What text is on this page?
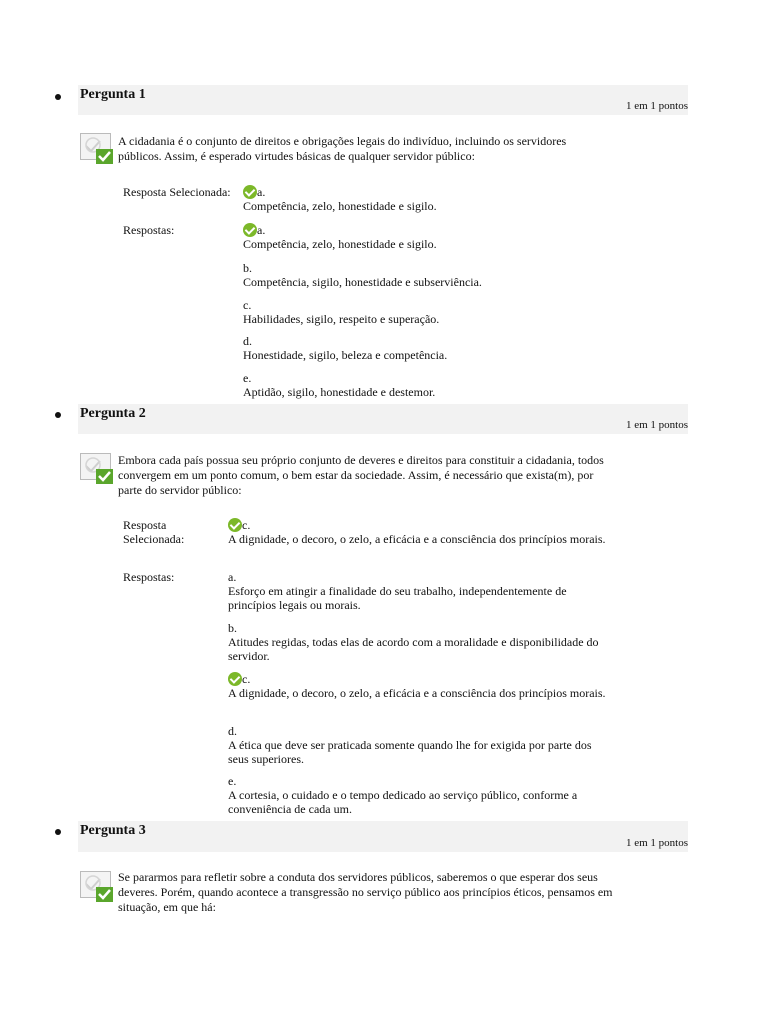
Pergunta 1
1 em 1 pontos
A cidadania é o conjunto de direitos e obrigações legais do indivíduo, incluindo os servidores públicos. Assim, é esperado virtudes básicas de qualquer servidor público:
Resposta Selecionada: a.
Competência, zelo, honestidade e sigilo.
Respostas:	a.
Competência, zelo, honestidade e sigilo.
b.
Competência, sigilo, honestidade e subserviência.
c.
Habilidades, sigilo, respeito e superação.
d.
Honestidade, sigilo, beleza e competência.
e.
Aptidão, sigilo, honestidade e destemor.
Pergunta 2
1 em 1 pontos
Embora cada país possua seu próprio conjunto de deveres e direitos para constituir a cidadania, todos convergem em um ponto comum, o bem estar da sociedade. Assim, é necessário que exista(m), por parte do servidor público:
Resposta Selecionada:
c.
A dignidade, o decoro, o zelo, a eficácia e a consciência dos princípios morais.
Respostas:	a.
Esforço em atingir a finalidade do seu trabalho, independentemente de princípios legais ou morais.
b.
Atitudes regidas, todas elas de acordo com a moralidade e disponibilidade do servidor.
c.
A dignidade, o decoro, o zelo, a eficácia e a consciência dos princípios morais.
d.
A ética que deve ser praticada somente quando lhe for exigida por parte dos seus superiores.
e.
A cortesia, o cuidado e o tempo dedicado ao serviço público, conforme a conveniência de cada um.
Pergunta 3
1 em 1 pontos
Se pararmos para refletir sobre a conduta dos servidores públicos, saberemos o que esperar dos seus deveres. Porém, quando acontece a transgressão no serviço público aos princípios éticos, pensamos em situação, em que há:
